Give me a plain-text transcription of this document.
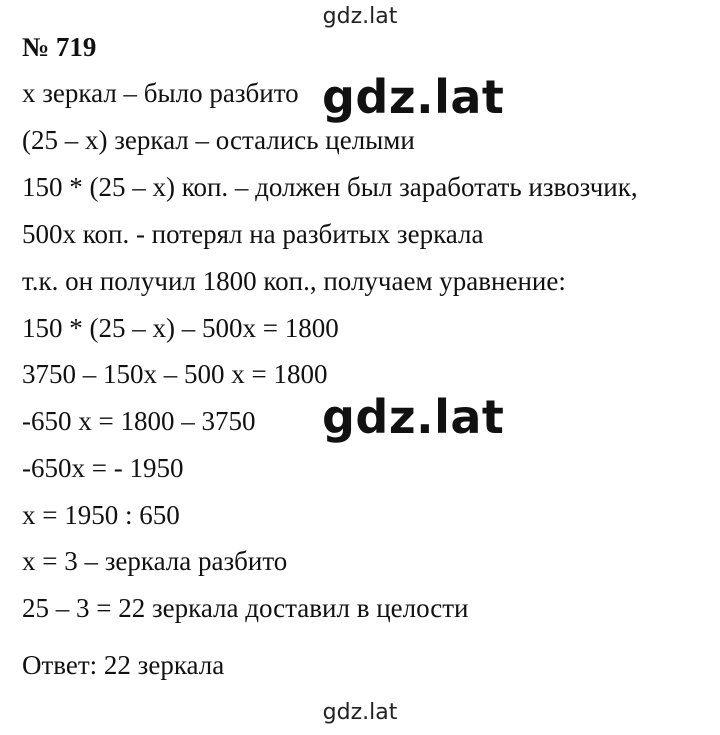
gdz.lat
№ 719
х зеркал – было разбито
(25 – х) зеркал – остались целыми
150 * (25 – х) коп. – должен был заработать извозчик,
500х коп. - потерял на разбитых зеркала
т.к. он получил 1800 коп., получаем уравнение:
150 * (25 – х) – 500х = 1800
3750 – 150х – 500 х = 1800
-650 х = 1800 – 3750
-650х = - 1950
х = 1950 : 650
х = 3 – зеркала разбито
25 – 3 = 22 зеркала доставил в целости
Ответ: 22 зеркала
gdz.lat
gdz.lat
gdz.lat
